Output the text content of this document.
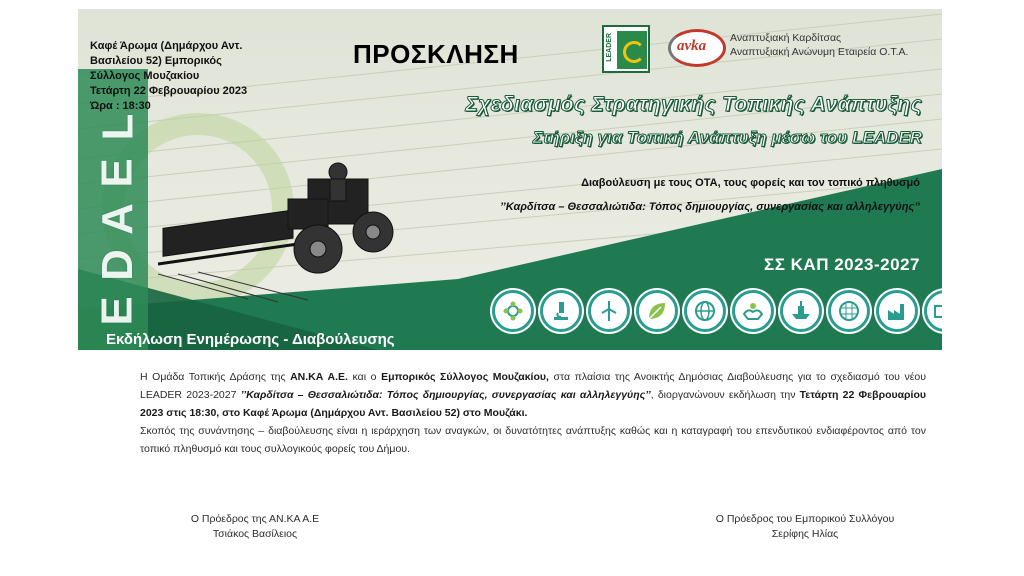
L
E
A
D
E
Καφέ Άρωμα (Δημάρχου Αντ.
Βασιλείου 52) Εμπορικός
Σύλλογος Μουζακίου
Τετάρτη 22 Φεβρουαρίου 2023
Ώρα : 18:30
ΠΡΟΣΚΛΗΣΗ	LEADER	avka Αναπτυξιακή Καρδίτσας
Αναπτυξιακή Ανώνυμη Εταιρεία Ο.Τ.Α.
Σχεδιασμός Στρατηγικής Τοπικής Ανάπτυξης
Στήριξη για Τοπική Ανάπτυξη μέσω του LEADER
Διαβούλευση με τους ΟΤΑ, τους φορείς και τον τοπικό πληθυσμό
’’Καρδίτσα – Θεσσαλιώτιδα: Τόπος δημιουργίας, συνεργασίας και αλληλεγγύης’’
ΣΣ ΚΑΠ 2023-2027
Εκδήλωση Ενημέρωσης - Διαβούλευσης

Η Ομάδα Τοπικής Δράσης της ΑΝ.ΚΑ Α.Ε. και ο Εμπορικός Σύλλογος Μουζακίου, στα πλαίσια της Ανοικτής Δημόσιας Διαβούλευσης για το σχεδιασμό του νέου LEADER 2023-2027 ’’Καρδίτσα – Θεσσαλιώτιδα: Τόπος δημιουργίας, συνεργασίας και αλληλεγγύης’’, διοργανώνουν εκδήλωση την Τετάρτη 22 Φεβρουαρίου 2023 στις 18:30, στο Καφέ Άρωμα (Δημάρχου Αντ. Βασιλείου 52) στο Μουζάκι.

Σκοπός της συνάντησης – διαβούλευσης είναι η ιεράρχηση των αναγκών, οι δυνατότητες ανάπτυξης καθώς και η καταγραφή του επενδυτικού ενδιαφέροντος από τον τοπικό πληθυσμό και τους συλλογικούς φορείς του Δήμου.

Ο Πρόεδρος της ΑΝ.ΚΑ Α.Ε
Τσιάκος Βασίλειος
Ο Πρόεδρος του Εμπορικού Συλλόγου
Σερίφης Ηλίας
